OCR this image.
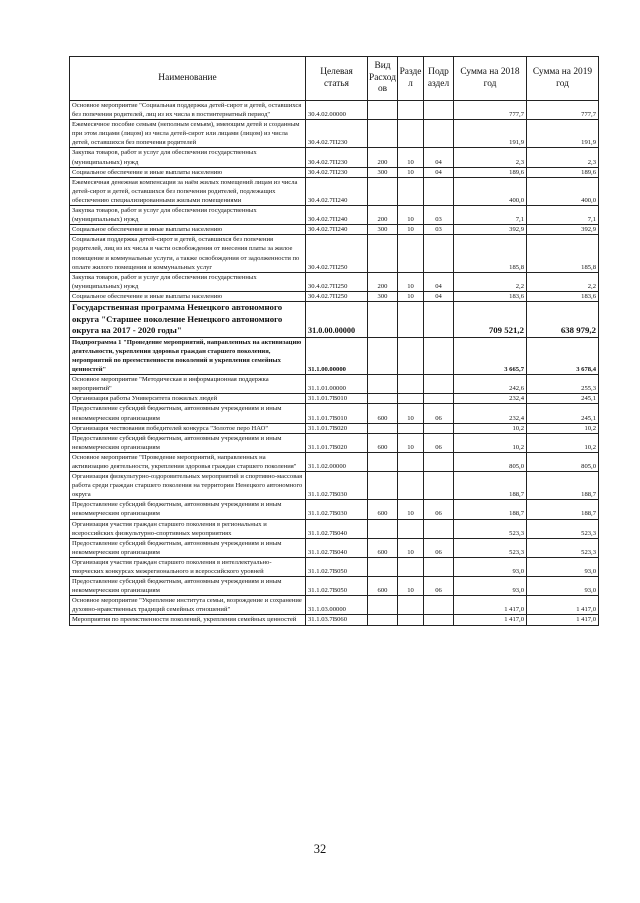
Наименование	Целевая статья	Вид Расход ов	Разде л	Подр аздел	Сумма на 2018 год	Сумма на 2019 год
Основное мероприятие "Социальная поддержка детей-сирот и детей, оставшихся без попечения родителей, лиц из их числа в постинтернатный период"	30.4.02.00000				777,7	777,7
Ежемесячное пособие семьям (неполным семьям), имеющим детей и созданным при этом лицами (лицом) из числа детей-сирот или лицами (лицом) из числа детей, оставшихся без попечения родителей	30.4.02.7П230				191,9	191,9
Закупка товаров, работ и услуг для обеспечения государственных (муниципальных) нужд	30.4.02.7П230	200	10	04	2,3	2,3
Социальное обеспечение и иные выплаты населению	30.4.02.7П230	300	10	04	189,6	189,6
Ежемесячная денежная компенсация за наём жилых помещений лицам из числа детей-сирот и детей, оставшихся без попечения родителей, подлежащих обеспечению специализированными жилыми помещениями	30.4.02.7П240				400,0	400,0
Закупка товаров, работ и услуг для обеспечения государственных (муниципальных) нужд	30.4.02.7П240	200	10	03	7,1	7,1
Социальное обеспечение и иные выплаты населению	30.4.02.7П240	300	10	03	392,9	392,9
Социальная поддержка детей-сирот и детей, оставшихся без попечения родителей, лиц из их числа в части освобождения от внесения платы за жилое помещение и коммунальные услуги, а также освобождения от задолженности по оплате жилого помещения и коммунальных услуг	30.4.02.7П250				185,8	185,8
Закупка товаров, работ и услуг для обеспечения государственных (муниципальных) нужд	30.4.02.7П250	200	10	04	2,2	2,2
Социальное обеспечение и иные выплаты населению	30.4.02.7П250	300	10	04	183,6	183,6
Государственная программа Ненецкого автономного округа "Старшее поколение Ненецкого автономного округа на 2017 - 2020 годы"	31.0.00.00000				709 521,2	638 979,2
Подпрограмма 1 "Проведение мероприятий, направленных на активизацию деятельности, укрепления здоровья граждан старшего поколения, мероприятий по преемственности поколений и укрепления семейных ценностей"	31.1.00.00000				3 665,7	3 678,4
Основное мероприятие "Методическая и информационная поддержка мероприятий"	31.1.01.00000				242,6	255,3
Организация работы Университета пожилых людей	31.1.01.7В010				232,4	245,1
Предоставление субсидий бюджетным, автономным учреждениям и иным некоммерческим организациям	31.1.01.7В010	600	10	06	232,4	245,1
Организация чествования победителей конкурса "Золотое перо НАО"	31.1.01.7В020				10,2	10,2
Предоставление субсидий бюджетным, автономным учреждениям и иным некоммерческим организациям	31.1.01.7В020	600	10	06	10,2	10,2
Основное мероприятие "Проведение мероприятий, направленных на активизацию деятельности, укрепления здоровья граждан старшего поколения"	31.1.02.00000				805,0	805,0
Организация физкультурно-оздоровительных мероприятий и спортивно-массовая работа среди граждан старшего поколения на территории Ненецкого автономного округа	31.1.02.7В030				188,7	188,7
Предоставление субсидий бюджетным, автономным учреждениям и иным некоммерческим организациям	31.1.02.7В030	600	10	06	188,7	188,7
Организация участия граждан старшего поколения в региональных и всероссийских физкультурно-спортивных мероприятиях	31.1.02.7В040				523,3	523,3
Предоставление субсидий бюджетным, автономным учреждениям и иным некоммерческим организациям	31.1.02.7В040	600	10	06	523,3	523,3
Организация участия граждан старшего поколения в интеллектуально-творческих конкурсах межрегионального и всероссийского уровней	31.1.02.7В050				93,0	93,0
Предоставление субсидий бюджетным, автономным учреждениям и иным некоммерческим организациям	31.1.02.7В050	600	10	06	93,0	93,0
Основное мероприятие "Укрепление института семьи, возрождение и сохранение духовно-нравственных традиций семейных отношений"	31.1.03.00000				1 417,0	1 417,0
Мероприятия по преемственности поколений, укрепления семейных ценностей	31.1.03.7В060				1 417,0	1 417,0
32
